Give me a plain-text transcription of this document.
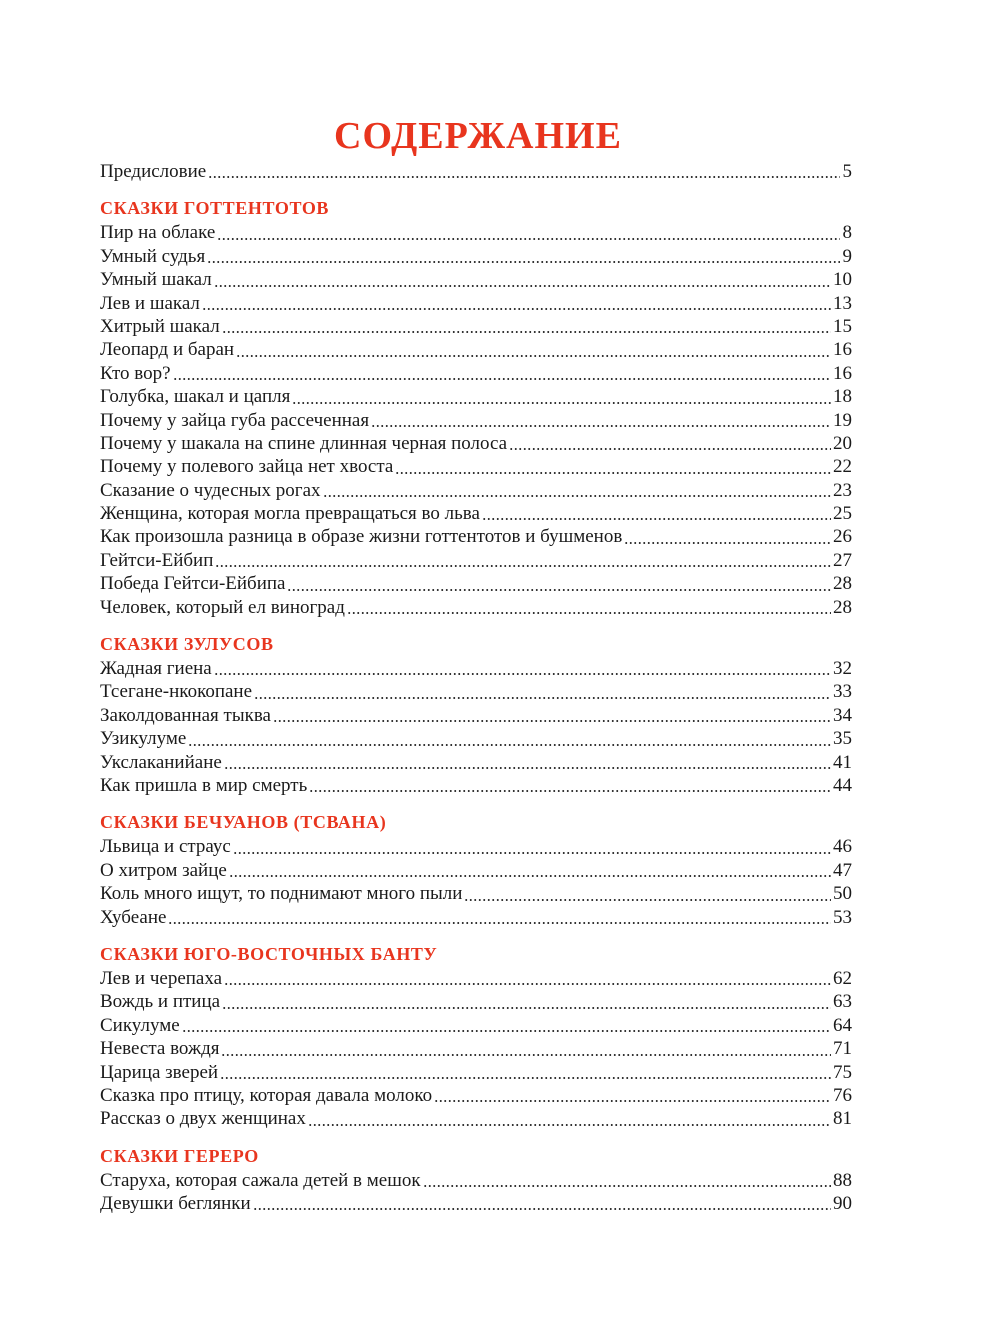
СОДЕРЖАНИЕ
Предисловие	5
СКАЗКИ ГОТТЕНТОТОВ
Пир на облаке	8
Умный судья	9
Умный шакал	10
Лев и шакал	13
Хитрый шакал	15
Леопард и баран	16
Кто вор?	16
Голубка, шакал и цапля	18
Почему у зайца губа рассеченная	19
Почему у шакала на спине длинная черная полоса	20
Почему у полевого зайца нет хвоста	22
Сказание о чудесных рогах	23
Женщина, которая могла превращаться во льва	25
Как произошла разница в образе жизни готтентотов и бушменов	26
Гейтси-Ейбип	27
Победа Гейтси-Ейбипа	28
Человек, который ел виноград	28
СКАЗКИ ЗУЛУСОВ
Жадная гиена	32
Тсегане-нкокопане	33
Заколдованная тыква	34
Узикулуме	35
Укслаканийане	41
Как пришла в мир смерть	44
СКАЗКИ БЕЧУАНОВ (ТСВАНА)
Львица и страус	46
О хитром зайце	47
Коль много ищут, то поднимают много пыли	50
Хубеане	53
СКАЗКИ ЮГО-ВОСТОЧНЫХ БАНТУ
Лев и черепаха	62
Вождь и птица	63
Сикулуме	64
Невеста вождя	71
Царица зверей	75
Сказка про птицу, которая давала молоко	76
Рассказ о двух женщинах	81
СКАЗКИ ГЕРЕРО
Старуха, которая сажала детей в мешок	88
Девушки беглянки	90
